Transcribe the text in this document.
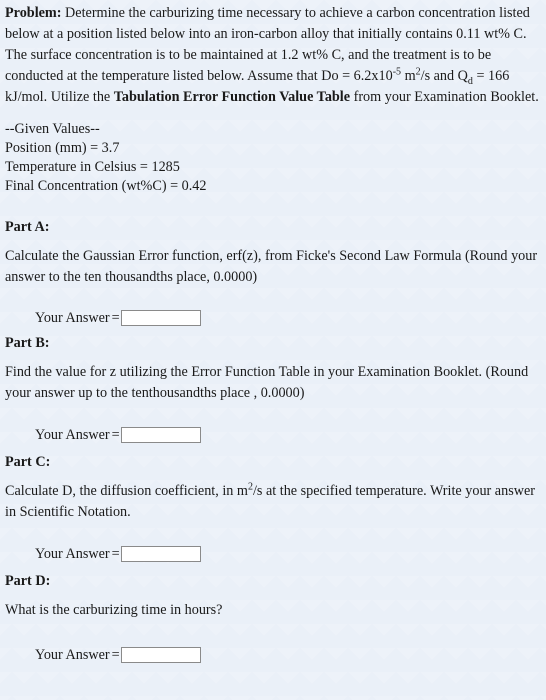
Problem: Determine the carburizing time necessary to achieve a carbon concentration listed below at a position listed below into an iron-carbon alloy that initially contains 0.11 wt% C. The surface concentration is to be maintained at 1.2 wt% C, and the treatment is to be conducted at the temperature listed below. Assume that $Do = 6.2x10^{-5}$ $m^2/s$ and $Q_d = 166$ kJ/mol. Utilize the Tabulation Error Function Value Table from your Examination Booklet.

--Given Values--
Position (mm) = 3.7
Temperature in Celsius = 1285
Final Concentration (wt%C) = 0.42
Part A:

Calculate the Gaussian Error function, erf(z), from Ficke's Second Law Formula (Round your answer to the ten thousandths place, 0.0000)

Your Answer =
Part B:

Find the value for z utilizing the Error Function Table in your Examination Booklet. (Round your answer up to the tenthousandths place , 0.0000)

Your Answer =
Part C:

Calculate D, the diffusion coefficient, in $m^2/s$ at the specified temperature. Write your answer in Scientific Notation.

Your Answer =
Part D:

What is the carburizing time in hours?

Your Answer =
